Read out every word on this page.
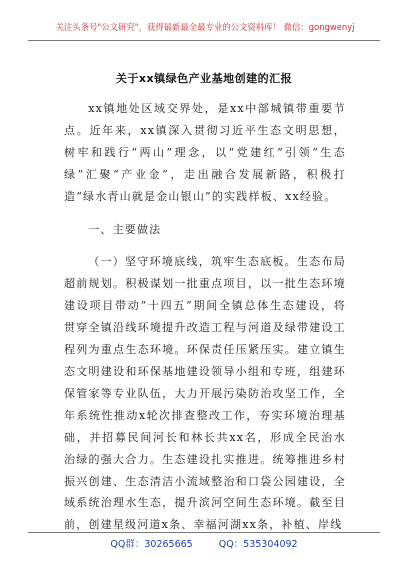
关注头条号"公文研究"，获得最新最全最专业的公文资料库！ 微信：gongwenyj
关于xx镇绿色产业基地创建的汇报

xx镇地处区域交界处，是xx中部城镇带重要节点。近年来，xx镇深入贯彻习近平生态文明思想，树牢和践行“两山”理念，以“党建红”引领“生态绿”汇聚“产业金”，走出融合发展新路，积极打造“绿水青山就是金山银山”的实践样板、xx经验。

一、主要做法

（一）坚守环境底线，筑牢生态底板。生态布局超前规划。积极谋划一批重点项目，以一批生态环境建设项目带动“十四五”期间全镇总体生态建设，将贯穿全镇沿线环境提升改造工程与河道及绿带建设工程列为重点生态环境。环保责任压紧压实。建立镇生态文明建设和环保基地建设领导小组和专班，组建环保管家等专业队伍，大力开展污染防治攻坚工作，全年系统性推动x轮次排查整改工作，夯实环境治理基础，并招募民间河长和林长共xx名，形成全民治水治绿的强大合力。生态建设扎实推进。统筹推进乡村振兴创建、生态清洁小流域整治和口袋公园建设，全域系统治理水生态，提升滨河空间生态环境。截至目前，创建星级河道x条、幸福河湖xx条，补植、岸线

QQ群：30265665	QQ：535304092
